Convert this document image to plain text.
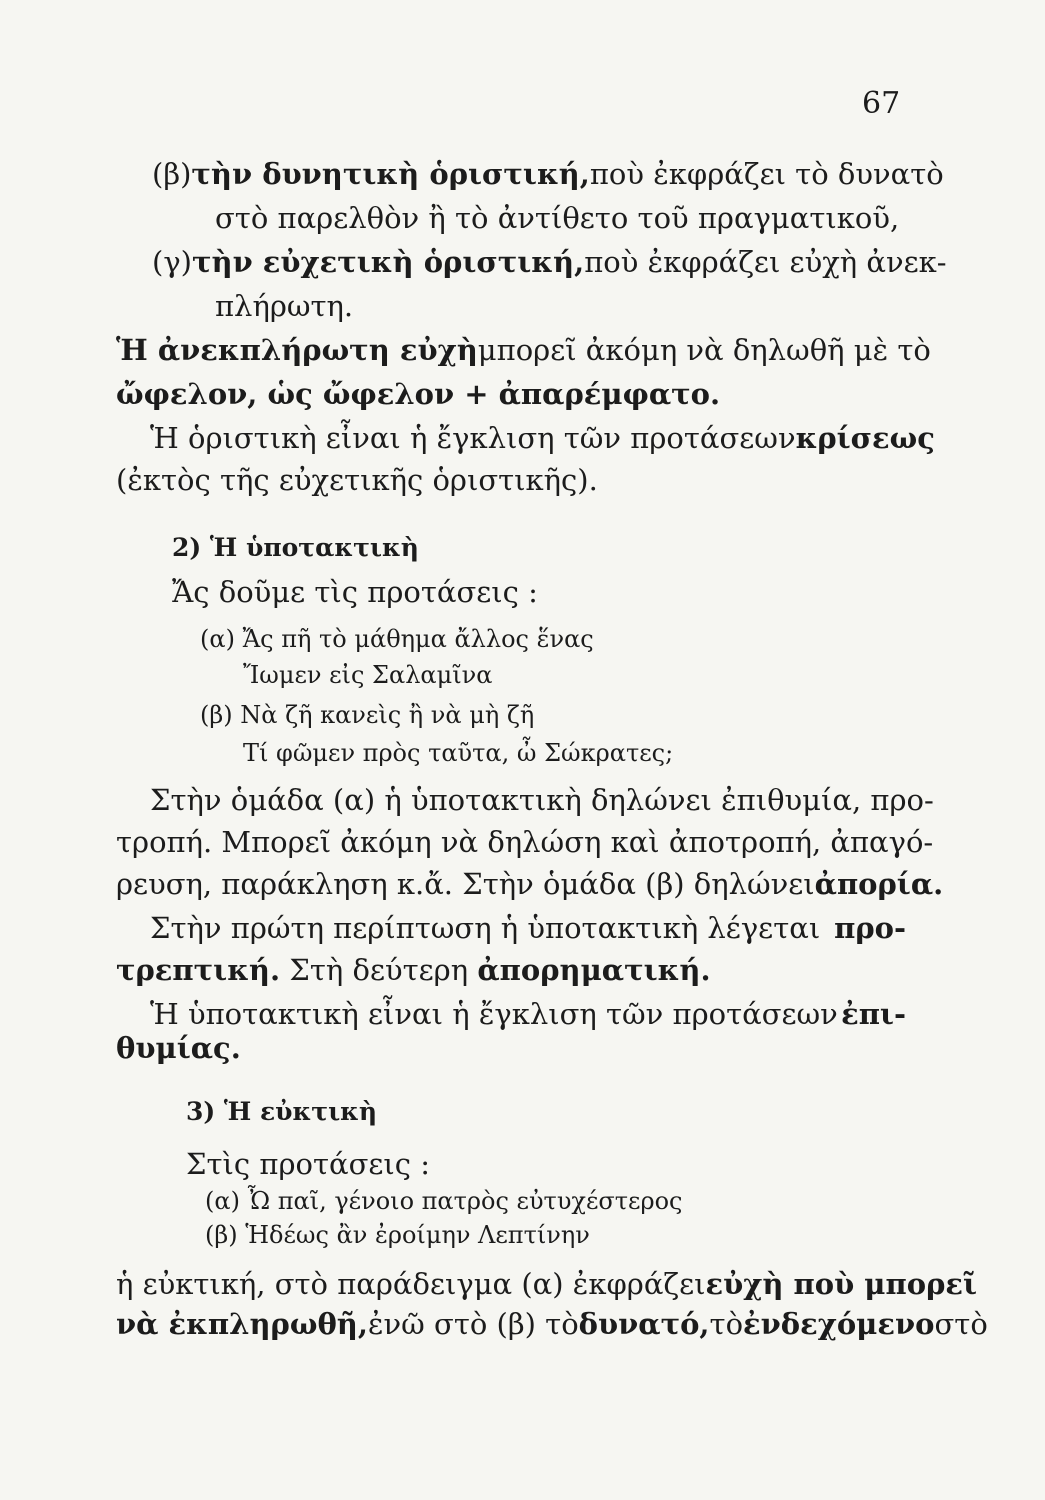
67
(β) τὴν δυνητικὴ ὁριστική, ποὺ ἐκφράζει τὸ δυνατὸ
στὸ παρελθὸν ἢ τὸ ἀντίθετο τοῦ πραγματικοῦ,
(γ) τὴν εὐχετικὴ ὁριστική, ποὺ ἐκφράζει εὐχὴ ἀνεκ-
πλήρωτη.
Ἡ ἀνεκπλήρωτη εὐχὴ μπορεῖ ἀκόμη νὰ δηλωθῆ μὲ τὸ
ὤφελον, ὡς ὤφελον + ἀπαρέμφατο.
Ἡ ὁριστικὴ εἶναι ἡ ἔγκλιση τῶν προτάσεων κρίσεως
(ἐκτὸς τῆς εὐχετικῆς ὁριστικῆς).
2) Ἡ ὑποτακτικὴ
Ἄς δοῦμε τὶς προτάσεις :
(α) Ἄς πῆ τὸ μάθημα ἄλλος ἕνας
Ἴωμεν εἰς Σαλαμῖνα
(β) Νὰ ζῆ κανεὶς ἢ νὰ μὴ ζῆ
Τί φῶμεν πρὸς ταῦτα, ὦ Σώκρατες;
Στὴν ὁμάδα (α) ἡ ὑποτακτικὴ δηλώνει ἐπιθυμία, προ-
τροπή. Μπορεῖ ἀκόμη νὰ δηλώση καὶ ἀποτροπή, ἀπαγό-
ρευση, παράκληση κ.ἄ. Στὴν ὁμάδα (β) δηλώνει ἀπορία.
Στὴν πρώτη περίπτωση ἡ ὑποτακτικὴ λέγεται προ-
τρεπτική. Στὴ δεύτερη ἀπορηματική.
Ἡ ὑποτακτικὴ εἶναι ἡ ἔγκλιση τῶν προτάσεων ἐπι-
θυμίας.
3) Ἡ εὐκτικὴ
Στὶς προτάσεις :
(α) Ὦ παῖ, γένοιο πατρὸς εὐτυχέστερος
(β) Ἡδέως ἂν ἐροίμην Λεπτίνην
ἡ εὐκτική, στὸ παράδειγμα (α) ἐκφράζει εὐχὴ ποὺ μπορεῖ
νὰ ἐκπληρωθῆ, ἐνῶ στὸ (β) τὸ δυνατό, τὸ ἐνδεχόμενο στὸ
